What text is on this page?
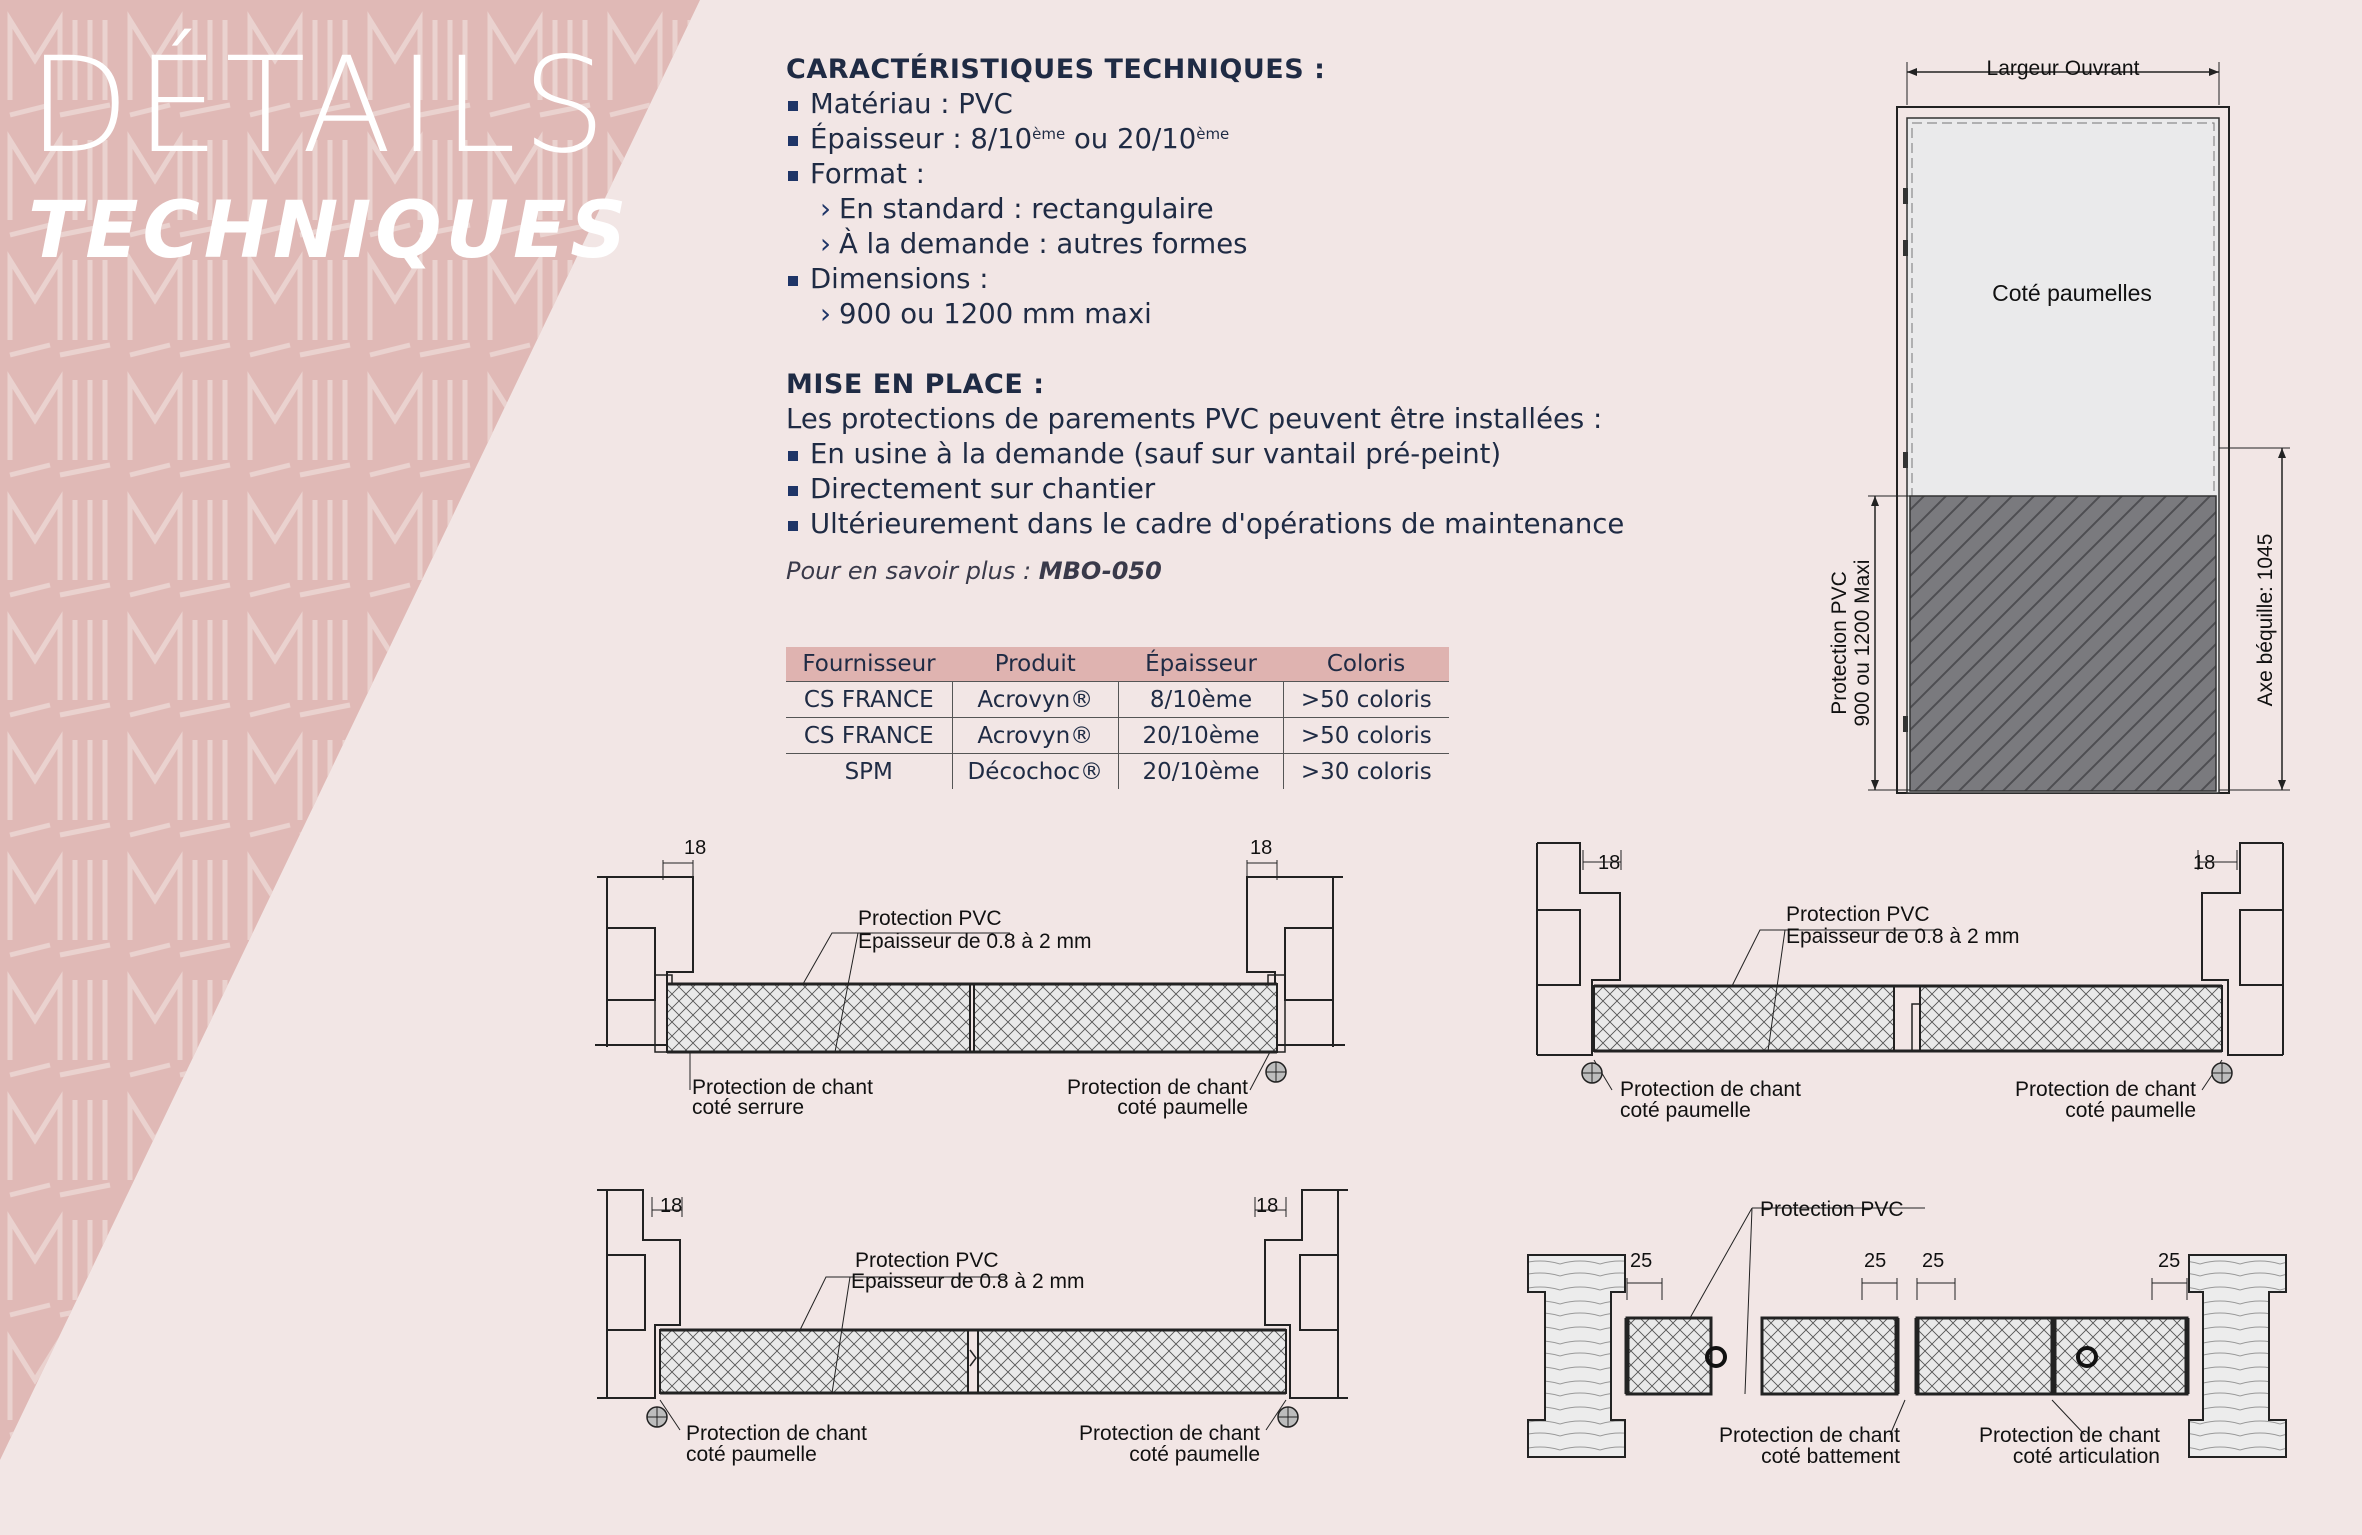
DÉTAILS
TECHNIQUES
CARACTÉRISTIQUES TECHNIQUES :
Matériau : PVC
Épaisseur : 8/10ème ou 20/10ème
Format :
› En standard : rectangulaire
› À la demande : autres formes
Dimensions :
› 900 ou 1200 mm maxi
MISE EN PLACE :
Les protections de parements PVC peuvent être installées :
En usine à la demande (sauf sur vantail pré-peint)
Directement sur chantier
Ultérieurement dans le cadre d'opérations de maintenance
Pour en savoir plus : MBO-050
Fournisseur	Produit	Épaisseur	Coloris
CS FRANCE	Acrovyn®	8/10ème	>50 coloris
CS FRANCE	Acrovyn®	20/10ème	>50 coloris
SPM	Décochoc®	20/10ème	>30 coloris
Largeur Ouvrant
Coté paumelles
Protection PVC 900 ou 1200 Maxi	Axe béquille: 1045
18	18
Protection PVC
Epaisseur de 0.8 à 2 mm
Protection de chant
coté serrure
Protection de chant
coté paumelle
18	18
Protection PVC
Epaisseur de 0.8 à 2 mm
Protection de chant
coté paumelle
Protection de chant
coté paumelle
18	18
Protection PVC
Epaisseur de 0.8 à 2 mm
Protection de chant
coté paumelle
Protection de chant
coté paumelle
25	25 25	25
Protection PVC
Protection de chant
coté battement
Protection de chant
coté articulation
